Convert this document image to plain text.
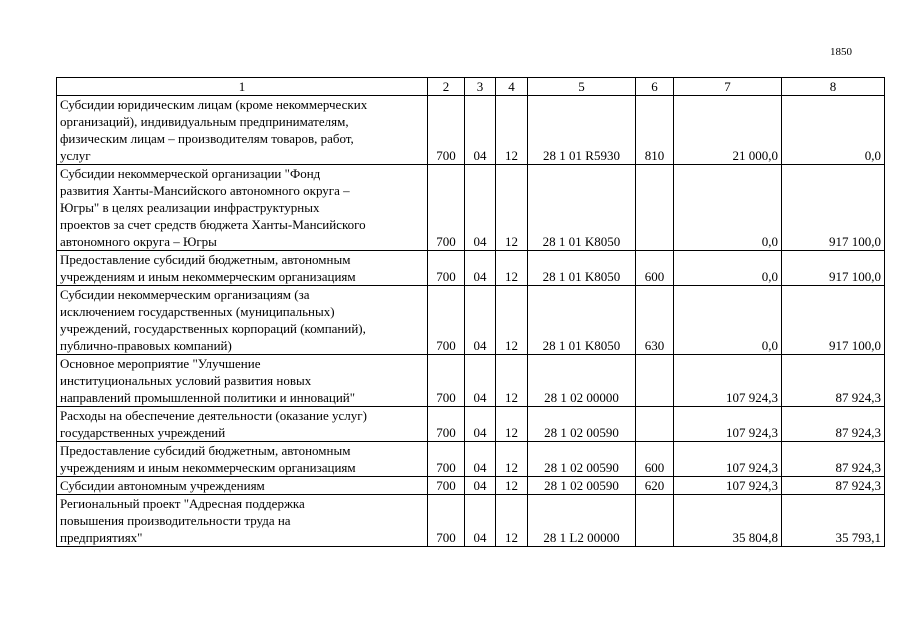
1850
1	2	3	4	5	6	7	8

Субсидии юридическим лицам (кроме некоммерческих
организаций), индивидуальным предпринимателям,
физическим лицам – производителям товаров, работ,
услуг	700	04	12	28 1 01 R5930	810	21 000,0	0,0

Субсидии некоммерческой организации "Фонд
развития Ханты-Мансийского автономного округа –
Югры" в целях реализации инфраструктурных
проектов за счет средств бюджета Ханты-Мансийского
автономного округа – Югры	700	04	12	28 1 01 K8050		0,0	917 100,0

Предоставление субсидий бюджетным, автономным
учреждениям и иным некоммерческим организациям	700	04	12	28 1 01 K8050	600	0,0	917 100,0

Субсидии некоммерческим организациям (за
исключением государственных (муниципальных)
учреждений, государственных корпораций (компаний),
публично-правовых компаний)	700	04	12	28 1 01 K8050	630	0,0	917 100,0

Основное мероприятие "Улучшение
институциональных условий развития новых
направлений промышленной политики и инноваций"	700	04	12	28 1 02 00000		107 924,3	87 924,3

Расходы на обеспечение деятельности (оказание услуг)
государственных учреждений	700	04	12	28 1 02 00590		107 924,3	87 924,3

Предоставление субсидий бюджетным, автономным
учреждениям и иным некоммерческим организациям	700	04	12	28 1 02 00590	600	107 924,3	87 924,3

Субсидии автономным учреждениям	700	04	12	28 1 02 00590	620	107 924,3	87 924,3

Региональный проект "Адресная поддержка
повышения производительности труда на
предприятиях"	700	04	12	28 1 L2 00000		35 804,8	35 793,1
